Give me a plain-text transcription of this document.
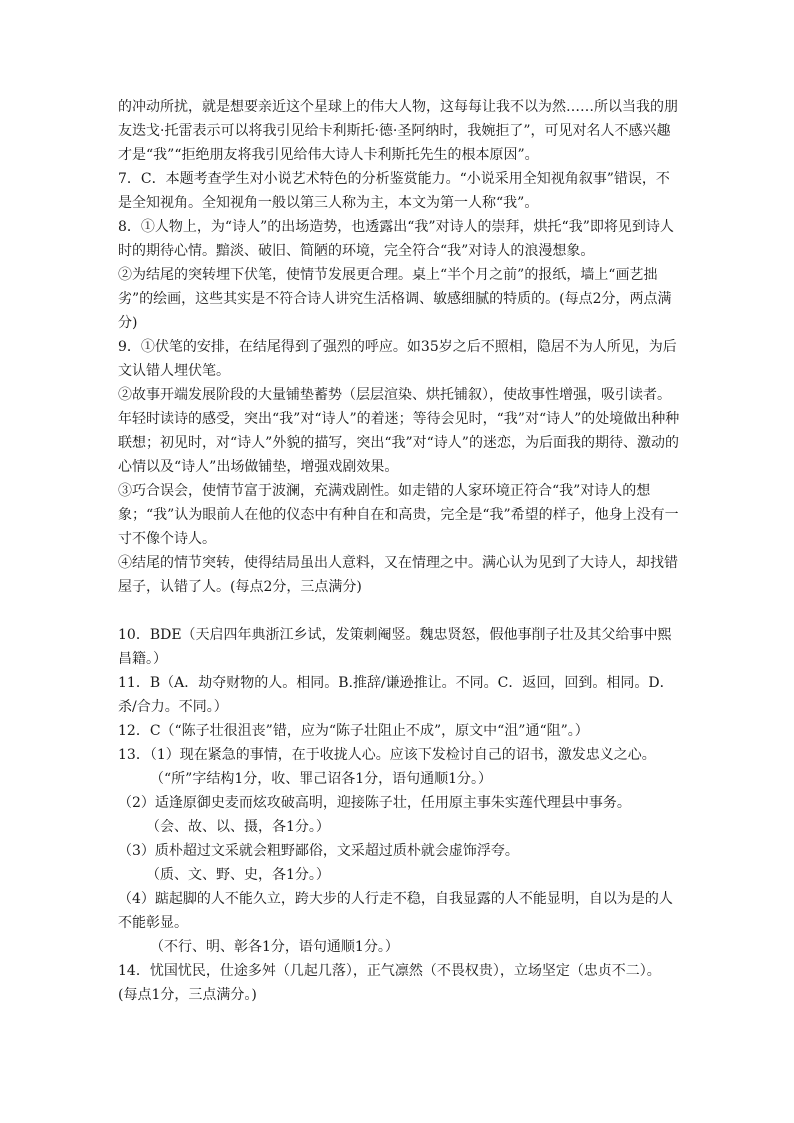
的冲动所扰，就是想要亲近这个星球上的伟大人物，这每每让我不以为然……所以当我的朋友迭戈·托雷表示可以将我引见给卡利斯托·德·圣阿纳时，我婉拒了”，可见对名人不感兴趣才是“我”“拒绝朋友将我引见给伟大诗人卡利斯托先生的根本原因”。

7．C．本题考查学生对小说艺术特色的分析鉴赏能力。“小说采用全知视角叙事”错误，不是全知视角。全知视角一般以第三人称为主，本文为第一人称“我”。

8．①人物上，为“诗人”的出场造势，也透露出“我”对诗人的崇拜，烘托“我”即将见到诗人时的期待心情。黯淡、破旧、简陋的环境，完全符合“我”对诗人的浪漫想象。

②为结尾的突转埋下伏笔，使情节发展更合理。桌上“半个月之前”的报纸，墙上“画艺拙劣”的绘画，这些其实是不符合诗人讲究生活格调、敏感细腻的特质的。(每点2分，两点满分)

9．①伏笔的安排，在结尾得到了强烈的呼应。如35岁之后不照相，隐居不为人所见，为后文认错人埋伏笔。

②故事开端发展阶段的大量铺垫蓄势（层层渲染、烘托铺叙），使故事性增强，吸引读者。年轻时读诗的感受，突出“我”对“诗人”的着迷；等待会见时，“我”对“诗人”的处境做出种种联想；初见时，对“诗人”外貌的描写，突出“我”对“诗人”的迷恋，为后面我的期待、激动的心情以及“诗人”出场做铺垫，增强戏剧效果。

③巧合误会，使情节富于波澜，充满戏剧性。如走错的人家环境正符合“我”对诗人的想象；“我”认为眼前人在他的仪态中有种自在和高贵，完全是“我”希望的样子，他身上没有一寸不像个诗人。

④结尾的情节突转，使得结局虽出人意料，又在情理之中。满心认为见到了大诗人，却找错屋子，认错了人。(每点2分，三点满分)

10．BDE（天启四年典浙江乡试，发策刺阉竖。魏忠贤怒，假他事削子壮及其父给事中熙昌籍。）

11．B（A．劫夺财物的人。相同。B.推辞/谦逊推让。不同。C．返回，回到。相同。D．杀/合力。不同。）

12．C（“陈子壮很沮丧”错，应为“陈子壮阻止不成”，原文中“沮”通“阻”。）

13．（1）现在紧急的事情，在于收拢人心。应该下发检讨自己的诏书，激发忠义之心。

（“所”字结构1分，收、罪己诏各1分，语句通顺1分。）

（2）适逢原御史麦而炫攻破高明，迎接陈子壮，任用原主事朱实莲代理县中事务。

（会、故、以、摄，各1分。）

（3）质朴超过文采就会粗野鄙俗，文采超过质朴就会虚饰浮夸。

（质、文、野、史，各1分。）

（4）踮起脚的人不能久立，跨大步的人行走不稳，自我显露的人不能显明，自以为是的人不能彰显。

（不行、明、彰各1分，语句通顺1分。）

14．忧国忧民，仕途多舛（几起几落），正气凛然（不畏权贵），立场坚定（忠贞不二）。(每点1分，三点满分。)
